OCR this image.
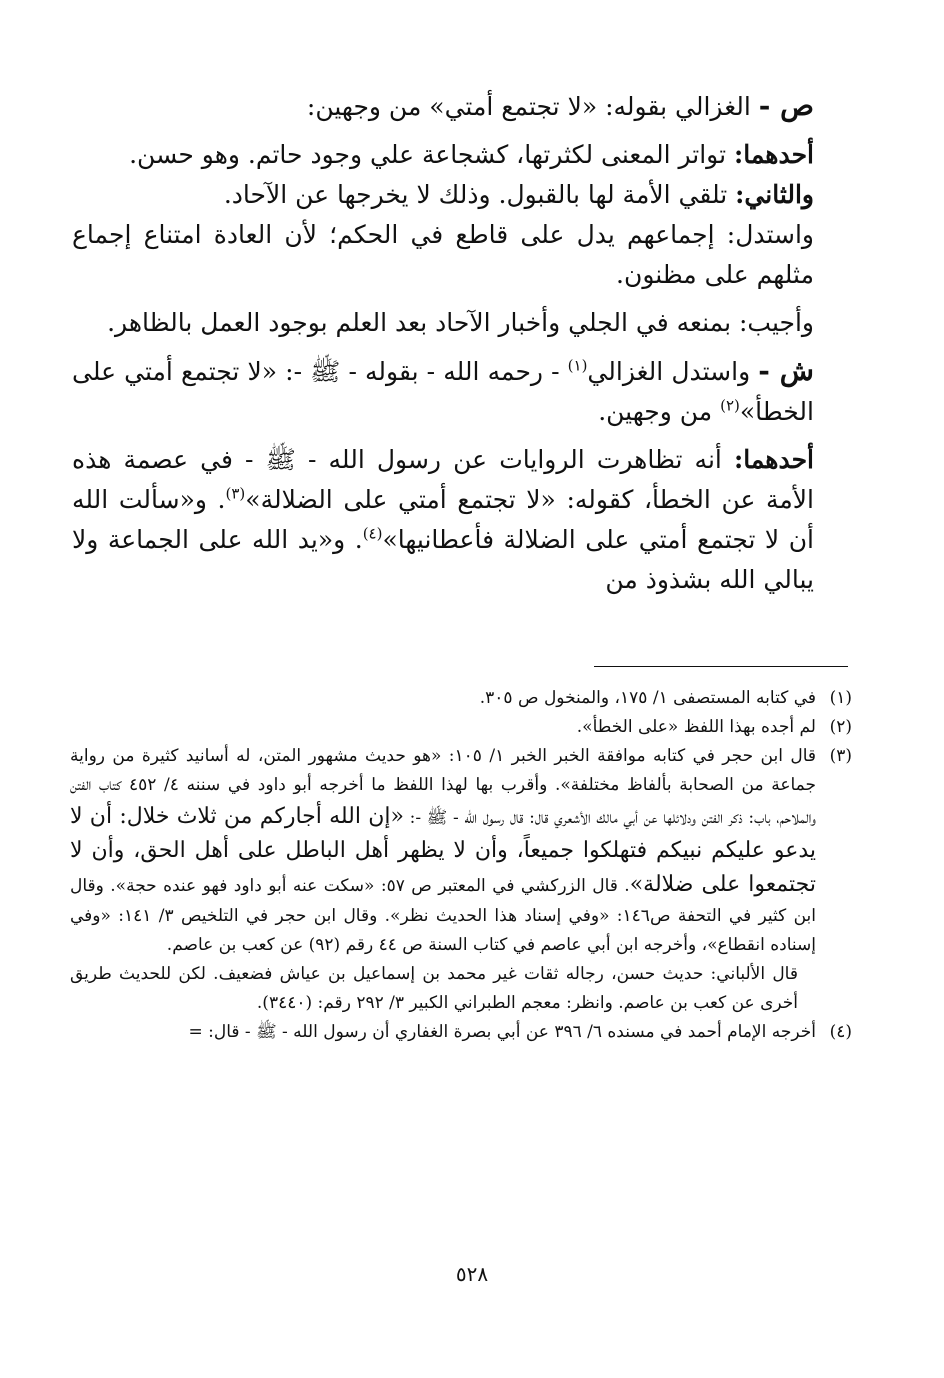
ص - الغزالي بقوله: «لا تجتمع أمتي» من وجهين:

أحدهما: تواتر المعنى لكثرتها، كشجاعة علي وجود حاتم. وهو حسن.

والثاني: تلقي الأمة لها بالقبول. وذلك لا يخرجها عن الآحاد.

واستدل: إجماعهم يدل على قاطع في الحكم؛ لأن العادة امتناع إجماع مثلهم على مظنون.

وأجيب: بمنعه في الجلي وأخبار الآحاد بعد العلم بوجود العمل بالظاهر.

ش - واستدل الغزالي$^{(١)}$ - رحمه الله - بقوله - ﷺ -: «لا تجتمع أمتي على الخطأ»$^{(٢)}$ من وجهين.

أحدهما: أنه تظاهرت الروايات عن رسول الله - ﷺ - في عصمة هذه الأمة عن الخطأ، كقوله: «لا تجتمع أمتي على الضلالة»$^{(٣)}$. و«سألت الله أن لا تجتمع أمتي على الضلالة فأعطانيها»$^{(٤)}$. و«يد الله على الجماعة ولا يبالي الله بشذوذ من

(١)
في كتابه المستصفى ١/ ١٧٥، والمنخول ص ٣٠٥.
(٢)
لم أجده بهذا اللفظ «على الخطأ».
(٣)

قال ابن حجر في كتابه موافقة الخبر الخبر ١/ ١٠٥: «هو حديث مشهور المتن، له أسانيد كثيرة من رواية جماعة من الصحابة بألفاظ مختلفة». وأقرب بها لهذا اللفظ ما أخرجه أبو داود في سننه ٤/ ٤٥٢ كتاب الفتن والملاحم، باب: ذكر الفتن ودلائلها عن أبي مالك الأشعري قال: قال رسول الله - ﷺ -: «إن الله أجاركم من ثلاث خلال: أن لا يدعو عليكم نبيكم فتهلكوا جميعاً، وأن لا يظهر أهل الباطل على أهل الحق، وأن لا تجتمعوا على ضلالة». قال الزركشي في المعتبر ص ٥٧: «سكت عنه أبو داود فهو عنده حجة». وقال ابن كثير في التحفة ص١٤٦: «وفي إسناد هذا الحديث نظر». وقال ابن حجر في التلخيص ٣/ ١٤١: «وفي إسناده انقطاع»، وأخرجه ابن أبي عاصم في كتاب السنة ص ٤٤ رقم (٩٢) عن كعب بن عاصم.

قال الألباني: حديث حسن، رجاله ثقات غير محمد بن إسماعيل بن عياش فضعيف. لكن للحديث طريق أخرى عن كعب بن عاصم. وانظر: معجم الطبراني الكبير ٣/ ٢٩٢ رقم: (٣٤٤٠).

(٤)
أخرجه الإمام أحمد في مسنده ٦/ ٣٩٦ عن أبي بصرة الغفاري أن رسول الله - ﷺ - قال: =
٥٢٨
